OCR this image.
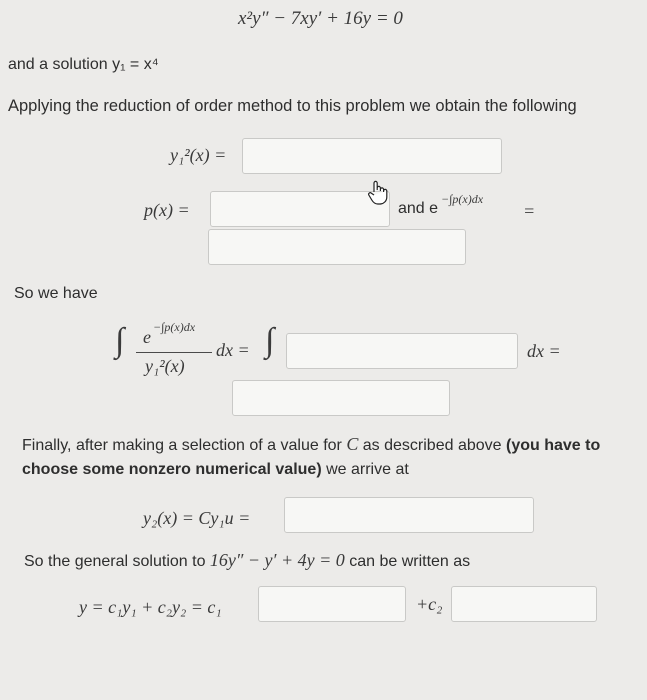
x²y″ − 7xy′ + 16y = 0
and a solution y₁ = x⁴
Applying the reduction of order method to this problem we obtain the following
y₁²(x) =
p(x) =	and e
−∫p(x)dx
=
So we have
∫ e −∫p(x)dx
y₁²(x)
dx = ∫	dx =
Finally, after making a selection of a value for C as described above (you have to
choose some nonzero numerical value) we arrive at
y₂(x) = Cy₁u =
So the general solution to 16y″ − y′ + 4y = 0 can be written as
y = c₁y₁ + c₂y₂ = c₁	+c₂
